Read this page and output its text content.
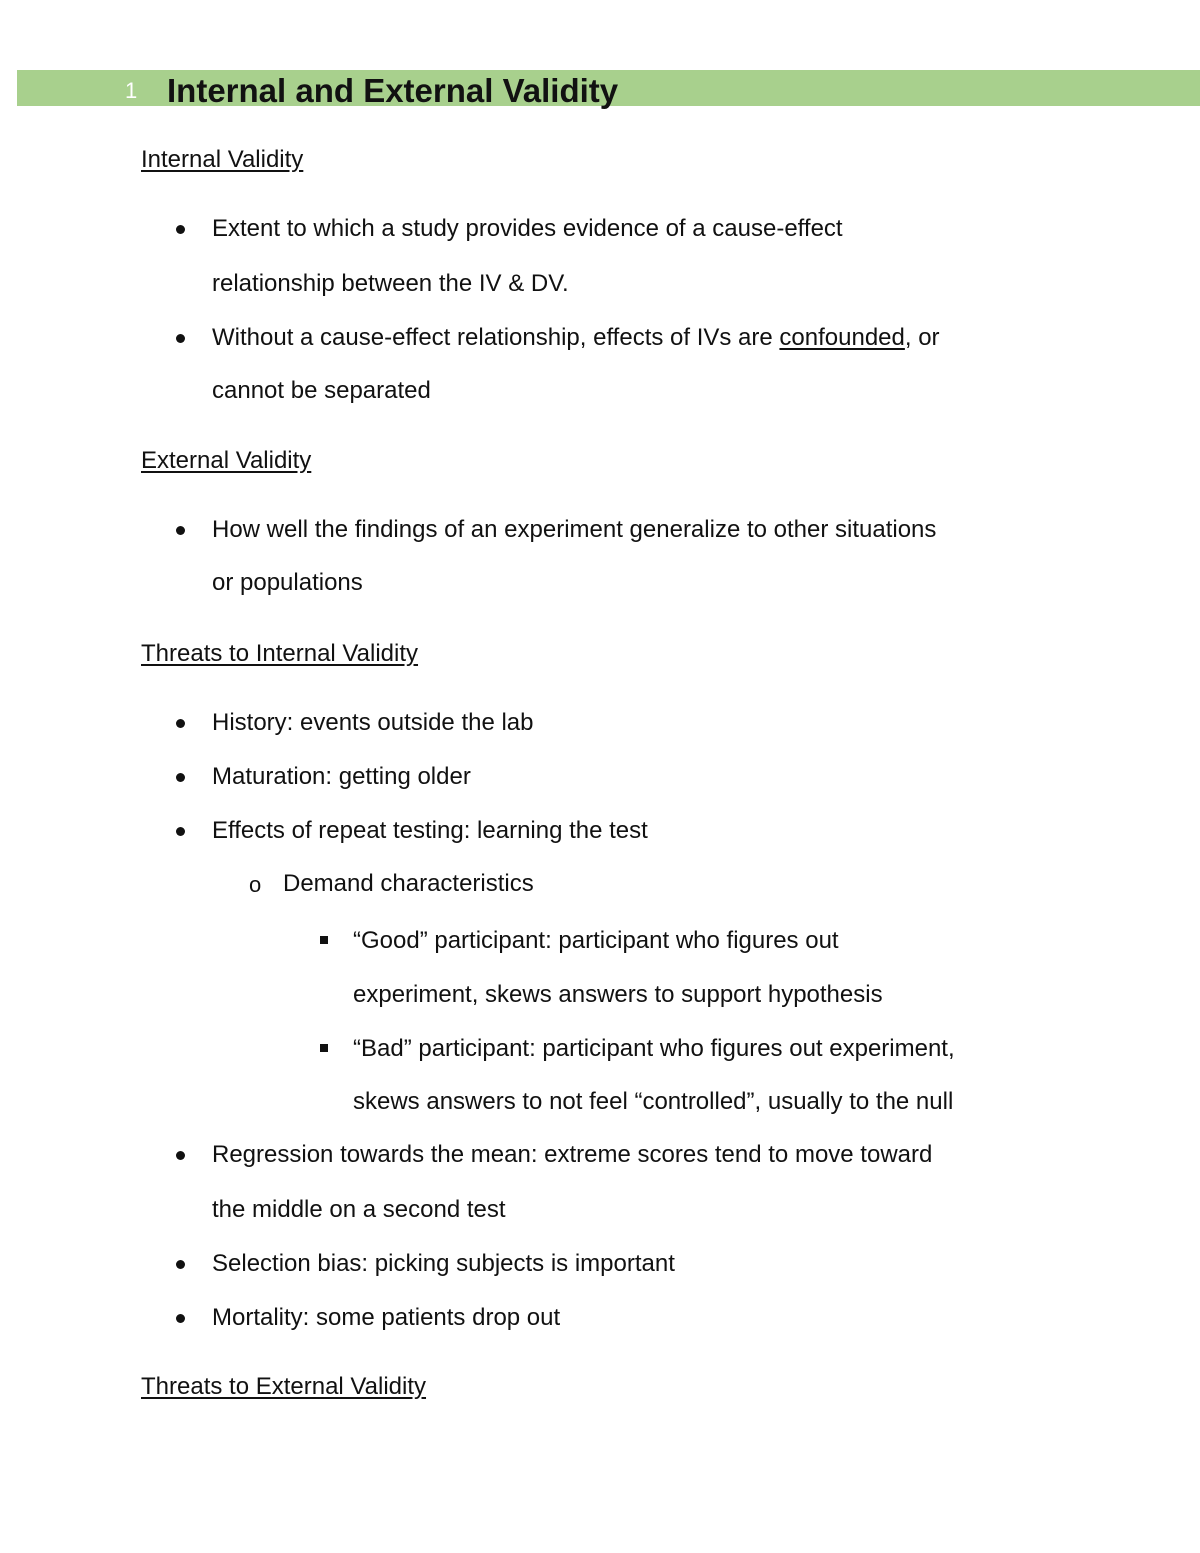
1 Internal and External Validity
Internal Validity
Extent to which a study provides evidence of a cause-effect
relationship between the IV & DV.
Without a cause-effect relationship, effects of IVs are confounded, or
cannot be separated
External Validity
How well the findings of an experiment generalize to other situations
or populations
Threats to Internal Validity
History: events outside the lab
Maturation: getting older
Effects of repeat testing: learning the test
o Demand characteristics
“Good” participant: participant who figures out
experiment, skews answers to support hypothesis
“Bad” participant: participant who figures out experiment,
skews answers to not feel “controlled”, usually to the null
Regression towards the mean: extreme scores tend to move toward
the middle on a second test
Selection bias: picking subjects is important
Mortality: some patients drop out
Threats to External Validity
